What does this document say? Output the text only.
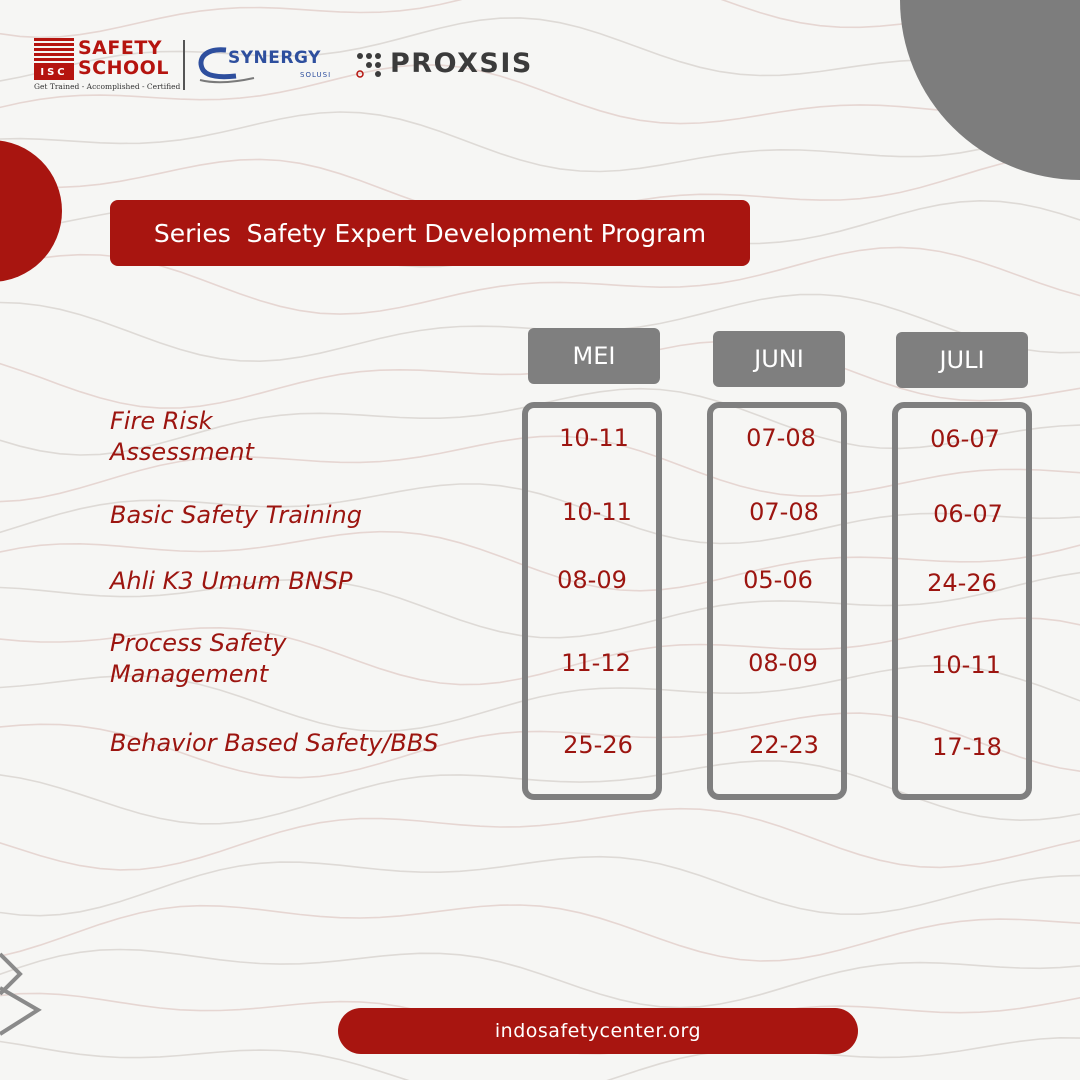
ISC
SAFETY
SCHOOL
Get Trained - Accomplished - Certified
SYNERGY
SOLUSI PROXSIS
Series  Safety Expert Development Program
MEI	JUNI	JULI
Fire Risk
Assessment
Basic Safety Training
Ahli K3 Umum BNSP
Process Safety
Management
Behavior Based Safety/BBS
10-11
10-11
08-09
11-12
25-26
07-08
07-08
05-06
08-09
22-23
06-07
06-07
24-26
10-11
17-18
indosafetycenter.org
